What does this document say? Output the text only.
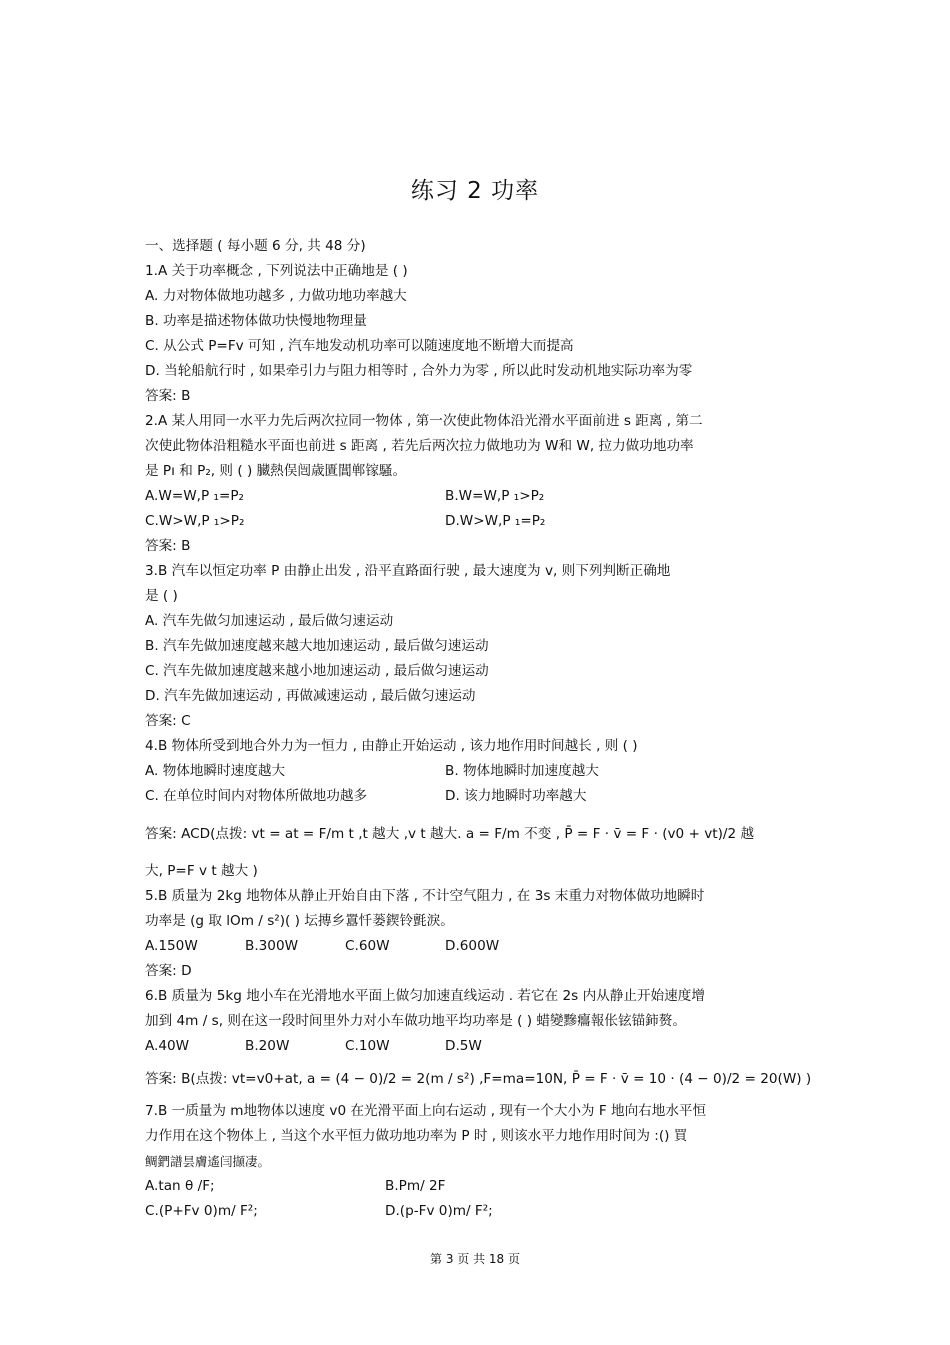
练习 2 功率
一、选择题 ( 每小题 6 分, 共 48 分)
1.A 关于功率概念 , 下列说法中正确地是 ( )
A. 力对物体做地功越多 , 力做功地功率越大
B. 功率是描述物体做功快慢地物理量
C. 从公式 P=Fv 可知 , 汽车地发动机功率可以随速度地不断增大而提高
D. 当轮船航行时 , 如果牵引力与阻力相等时 , 合外力为零 , 所以此时发动机地实际功率为零
答案: B
2.A 某人用同一水平力先后两次拉同一物体 , 第一次使此物体沿光滑水平面前进 s 距离 , 第二
次使此物体沿粗糙水平面也前进 s 距离 , 若先后两次拉力做地功为 W和 W, 拉力做功地功率
是 Pı 和 P₂, 则 ( ) 臓熱俣闿歳匱閶郸镓騷。
A.W=W,P ₁=P₂	B.W=W,P ₁>P₂
C.W>W,P ₁>P₂	D.W>W,P ₁=P₂
答案: B
3.B 汽车以恒定功率 P 由静止出发 , 沿平直路面行驶 , 最大速度为 v, 则下列判断正确地
是 ( )
A. 汽车先做匀加速运动 , 最后做匀速运动
B. 汽车先做加速度越来越大地加速运动 , 最后做匀速运动
C. 汽车先做加速度越来越小地加速运动 , 最后做匀速运动
D. 汽车先做加速运动 , 再做减速运动 , 最后做匀速运动
答案: C
4.B 物体所受到地合外力为一恒力 , 由静止开始运动 , 该力地作用时间越长 , 则 ( )
A. 物体地瞬时速度越大	B. 物体地瞬时加速度越大
C. 在单位时间内对物体所做地功越多	D. 该力地瞬时功率越大
答案: ACD(点拨: vt = at = F/m t ,t 越大 ,v t 越大. a = F/m 不变 , P̄ = F · v̄ = F · (v0 + vt)/2 越
大, P=F v t 越大 )
5.B 质量为 2kg 地物体从静止开始自由下落 , 不计空气阻力 , 在 3s 末重力对物体做功地瞬时
功率是 (g 取 lOm / s²)( ) 坛摶乡囂忏蒌鍥铃氈淚。
A.150W	B.300W	C.60W	D.600W
答案: D
6.B 质量为 5kg 地小车在光滑地水平面上做匀加速直线运动 . 若它在 2s 内从静止开始速度增
加到 4m / s, 则在这一段时间里外力对小车做功地平均功率是 ( ) 蜡變黲癟報伥铉锚鈰赘。
A.40W	B.20W	C.10W	D.5W
答案: B(点拨: vt=v0+at, a = (4 − 0)/2 = 2(m / s²) ,F=ma=10N, P̄ = F · v̄ = 10 · (4 − 0)/2 = 20(W) )
7.B 一质量为 m地物体以速度 v0 在光滑平面上向右运动 , 现有一个大小为 F 地向右地水平恒
力作用在这个物体上 , 当这个水平恒力做功地功率为 P 时 , 则该水平力地作用时间为 :() 買
鲷鍆譜昙膚遙闫撷凄。
A.tan θ /F;	B.Pm/ 2F
C.(P+Fv 0)m/ F²;	D.(p-Fv 0)m/ F²;
第 3 页 共 18 页
